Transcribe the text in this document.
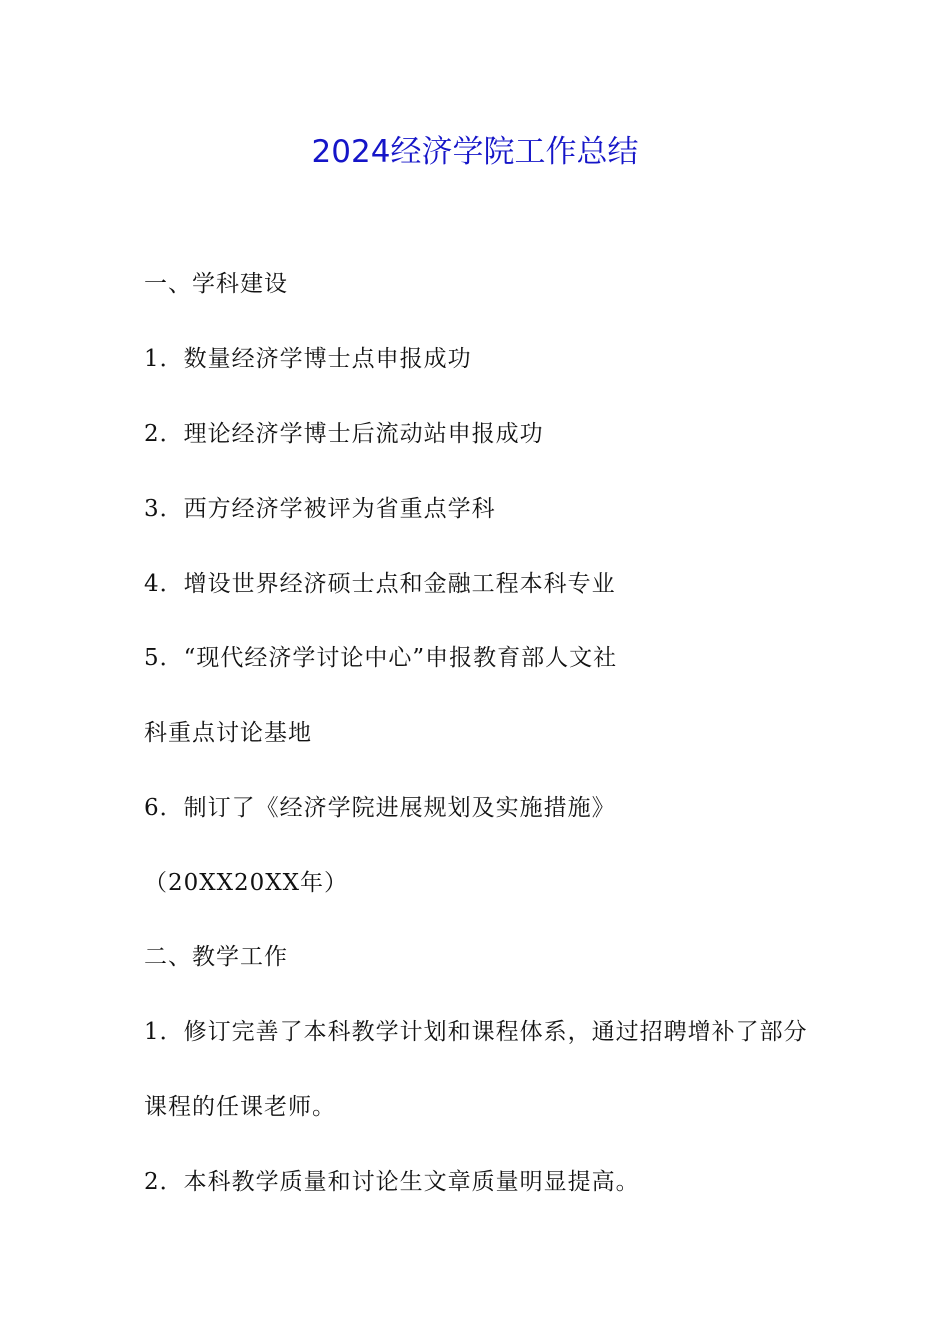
2024经济学院工作总结

一、学科建设

1．数量经济学博士点申报成功

2．理论经济学博士后流动站申报成功

3．西方经济学被评为省重点学科

4．增设世界经济硕士点和金融工程本科专业

5．“现代经济学讨论中心”申报教育部人文社

科重点讨论基地

6．制订了《经济学院进展规划及实施措施》

（20XX20XX年）

二、教学工作

1．修订完善了本科教学计划和课程体系，通过招聘增补了部分

课程的任课老师。

2．本科教学质量和讨论生文章质量明显提高。
